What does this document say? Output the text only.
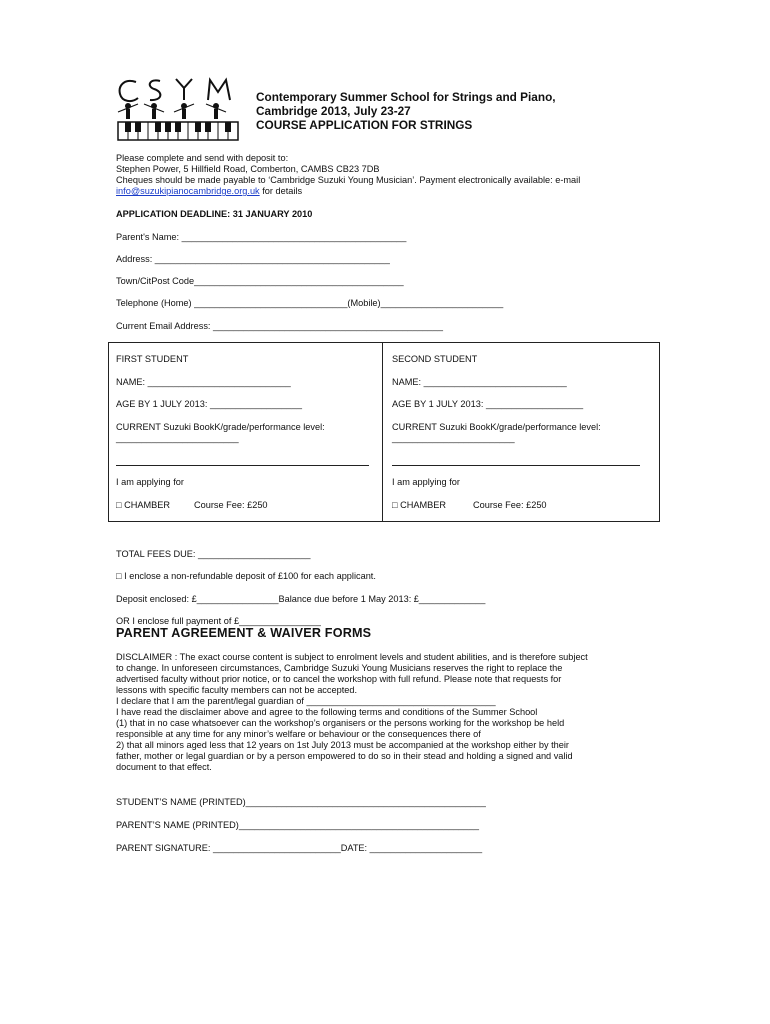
Contemporary Summer School for Strings and Piano,
Cambridge 2013, July 23-27
COURSE APPLICATION FOR STRINGS
Please complete and send with deposit to:
Stephen Power, 5 Hillfield Road, Comberton, CAMBS CB23 7DB
Cheques should be made payable to ‘Cambridge Suzuki Young Musician’. Payment electronically available: e-mail
info@suzukipianocambridge.org.uk for details
APPLICATION DEADLINE: 31 JANUARY 2010
Parent's Name: ____________________________________________
Address: ______________________________________________
Town/CitPost Code_________________________________________
Telephone (Home) ______________________________(Mobile)________________________
Current Email Address: _____________________________________________
FIRST STUDENT
NAME: ____________________________
AGE BY 1 JULY 2013: __________________
CURRENT Suzuki BookK/grade/performance level:
________________________
I am applying for
□ CHAMBER	Course Fee: £250
SECOND STUDENT
NAME: ____________________________
AGE BY 1 JULY 2013: ___________________
CURRENT Suzuki BookK/grade/performance level:
________________________
I am applying for
□ CHAMBER	Course Fee: £250
TOTAL FEES DUE: ______________________
□ I enclose a non-refundable deposit of £100 for each applicant.
Deposit enclosed: £________________Balance due before 1 May 2013: £_____________
OR I enclose full payment of £________________
PARENT AGREEMENT & WAIVER FORMS
DISCLAIMER : The exact course content is subject to enrolment levels and student abilities, and is therefore subject
to change. In unforeseen circumstances, Cambridge Suzuki Young Musicians reserves the right to replace the
advertised faculty without prior notice, or to cancel the workshop with full refund. Please note that requests for
lessons with specific faculty members can not be accepted.
I declare that I am the parent/legal guardian of _____________________________________
I have read the disclaimer above and agree to the following terms and conditions of the Summer School
(1) that in no case whatsoever can the workshop’s organisers or the persons working for the workshop be held
responsible at any time for any minor’s welfare or behaviour or the consequences there of
2) that all minors aged less that 12 years on 1st July 2013 must be accompanied at the workshop either by their
father, mother or legal guardian or by a person empowered to do so in their stead and holding a signed and valid
document to that effect.
STUDENT’S NAME (PRINTED)_______________________________________________
PARENT’S NAME (PRINTED)_______________________________________________
PARENT SIGNATURE: _________________________DATE: ______________________
